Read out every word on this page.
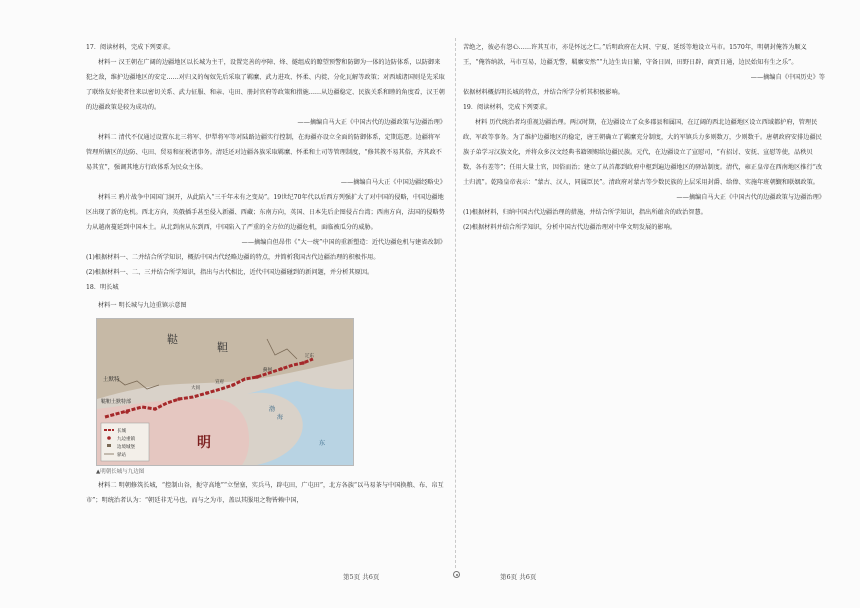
17．阅读材料，完成下列要求。

材料一 汉王朝在广阔的边疆地区以长城为主干，设置完善的亭障、烽、燧组成的瞭望预警和防御为一体的边防体系，以防御来犯之敌，维护边疆地区的安定……对归义的匈奴先后采取了羁縻、武力进攻、怀柔、内徙、分化瓦解等政策；对西域诸国则是先采取了联络友好使者往来以密切关系、武力征服、和亲、屯田、册封官府等政策和措施……从边疆稳定、民族关系和睦的角度看，汉王朝的边疆政策是较为成功的。

——摘编自马大正《中国古代的边疆政策与边疆治理》

材料二 清代不仅通过设置东北三将军、伊犁将军等对陆路边疆实行控制，在海疆亦设立全面的防御体系，定期巡逻。边疆将军管理所辖区的边防、屯田、贸易和征税诸事务。清廷还对边疆各族采取羁縻、怀柔和土司等管理制度，“修其教不易其俗，齐其政不易其宜”，强调其地方行政体系为民众主体。

——摘编自马大正《中国边疆经略史》

材料三 鸦片战争中国国门洞开，从此陷入“三千年未有之变局”。19世纪70年代以后西方列强扩大了对中国的侵略，中国边疆地区出现了新的危机。西北方向，英俄插手甚至侵入新疆、西藏；东南方向，英国、日本先后企图侵占台湾；西南方向，法国的侵略势力从越南蔓延到中国本土。从北到南从东到西，中国陷入了严重的全方位的边疆危机，面临被瓜分的威胁。

——摘编自但昂伟《“大一统”中国的重新塑造：近代边疆危机与建省改制》

(1)根据材料一、二并结合所学知识，概括中国古代经略边疆的特点，并简析我国古代边疆治理的积极作用。

(2)根据材料一、二、三并结合所学知识，指出与古代相比，近代中国边疆碰到的新问题，并分析其原因。

18．明长城

材料一 明长城与九边重镇示意图

鞑
靼
土默特
鞑靼土默特部
明
渤
海
东
宣府
大同
蓟州
辽东
长城
九边重镇
边境城堡
驿站

▲明朝长城与九边图

材料二 明朝修筑长城，“控制山谷，扼守高地”“立堡塞，实兵马，辟屯田，广屯田”，北方各族“以马易茶与中国换粮、布、帛互市”；明统治者认为：“朝廷非无马也，而与之为市，盖以其服用之物皆赖中国，

苦绝之，彼必有怨心……许其互市，亦是怀远之仁。”后明政府在大同、宁夏、延绥等地设立马市。1570年，明朝封俺答为顺义王，“俺答纳款，马市互易，边疆无警，羁縻安然”“九边生齿日繁，守备日固，田野日辟，商贾日通，边民始知有生之乐”。

——摘编自《中国历史》等

依据材料概括明长城的特点，并结合所学分析其积极影响。

19．阅读材料，完成下列要求。

材料 历代统治者均重视边疆治理。两汉时期，在边疆设立了众多郡县和属国，在辽阔的西北边疆地区设立西域都护府，管理民政、军政等事务。为了维护边疆地区的稳定，唐王朝确立了羁縻充分制度，大的军镇兵力多则数万，少则数千。唐朝政府安排边疆民族子弟学习汉族文化，并将众多汉文经典书籍颁赐给边疆民族。元代，在边疆设立了宣慰司，“有招讨、安抚、宣慰等使，品秩贝数，各有差等”；任用大量土官，因俗而治；建立了从首都到政府中枢到遍边疆地区的驿站制度。清代，雍正皇帝在西南地区推行“改土归流”。乾隆皇帝表示：“蒙古、汉人，同属臣民”。清政府对蒙古等少数民族的上层采用封爵、给俸、实施年班朝觐和联姻政策。

——摘编自马大正《中国古代的边疆政策与边疆治理》

(1)根据材料，归纳中国古代边疆治理的措施，并结合所学知识，指出所蕴含的政治智慧。

(2)根据材料并结合所学知识，分析中国古代边疆治理对中华文明发展的影响。

第5页 共6页	第6页 共6页
